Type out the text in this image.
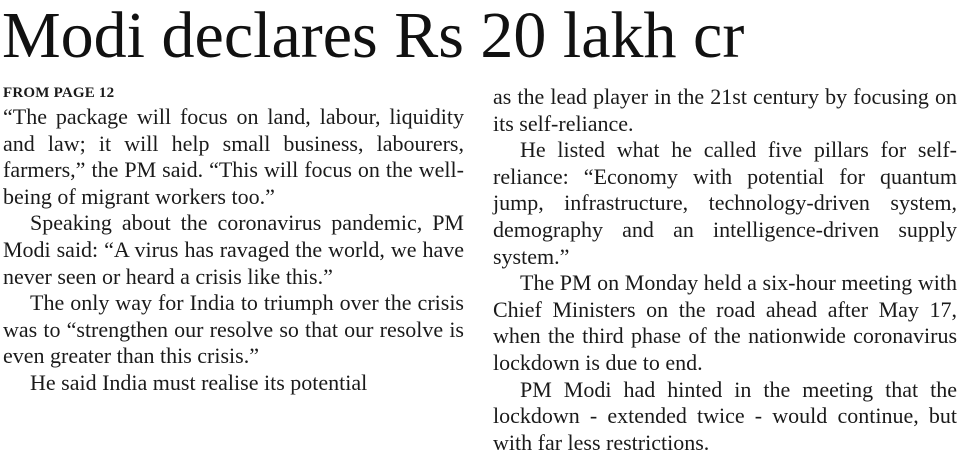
Modi declares Rs 20 lakh cr
FROM PAGE 12

“The package will focus on land, labour, liquidity and law; it will help small business, labourers, farmers,” the PM said. “This will focus on the well-being of migrant workers too.”

Speaking about the coronavirus pandemic, PM Modi said: “A virus has ravaged the world, we have never seen or heard a crisis like this.”

The only way for India to triumph over the crisis was to “strengthen our resolve so that our resolve is even greater than this crisis.”

He said India must realise its potential

as the lead player in the 21st century by focusing on its self-reliance.

He listed what he called five pillars for self-reliance: “Economy with potential for quantum jump, infrastructure, technology-driven system, demography and an intelligence-driven supply system.”

The PM on Monday held a six-hour meeting with Chief Ministers on the road ahead after May 17, when the third phase of the nationwide coronavirus lockdown is due to end.

PM Modi had hinted in the meeting that the lockdown - extended twice - would continue, but with far less restrictions.
